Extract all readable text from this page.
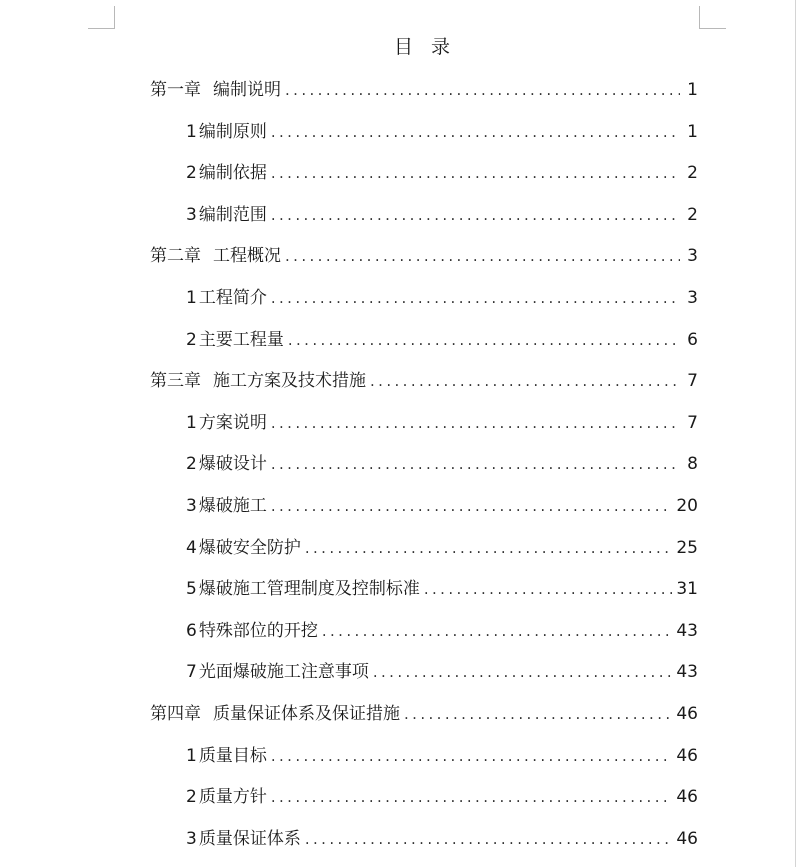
目 录
第一章 编制说明 .....	1
1 编制原则 .....	1
2 编制依据 .....	2
3 编制范围 .....	2
第二章 工程概况 .....	3
1 工程简介 .....	3
2 主要工程量 .....	6
第三章 施工方案及技术措施 .....	7
1 方案说明 .....	7
2 爆破设计 .....	8
3 爆破施工 .....	20
4 爆破安全防护 .....	25
5 爆破施工管理制度及控制标准 .....	31
6 特殊部位的开挖 .....	43
7 光面爆破施工注意事项 .....	43
第四章 质量保证体系及保证措施 .....	46
1 质量目标 .....	46
2 质量方针 .....	46
3 质量保证体系 .....	46
